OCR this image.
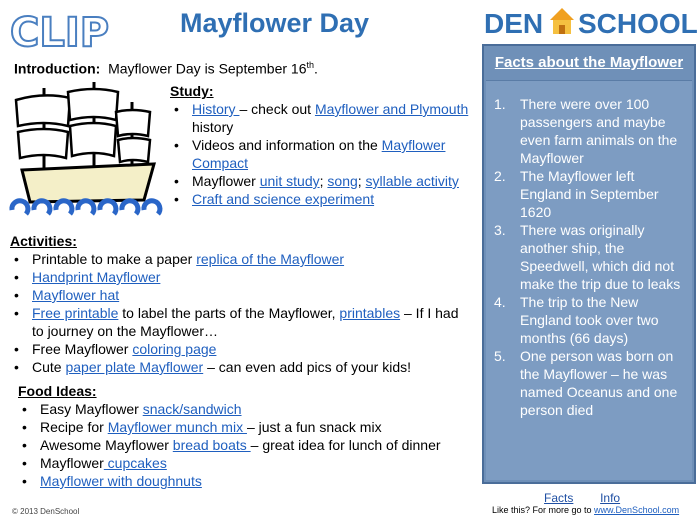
CLIP	Mayflower Day	DEN SCHOOL
Introduction: Mayflower Day is September 16th.
Study:
• History – check out Mayflower and Plymouth history
• Videos and information on the Mayflower Compact
• Mayflower unit study; song; syllable activity
• Craft and science experiment
Activities:
• Printable to make a paper replica of the Mayflower
• Handprint Mayflower
• Mayflower hat
• Free printable to label the parts of the Mayflower, printables – If I had to journey on the Mayflower…
• Free Mayflower coloring page
• Cute paper plate Mayflower – can even add pics of your kids!
Food Ideas:
• Easy Mayflower snack/sandwich
• Recipe for Mayflower munch mix – just a fun snack mix
• Awesome Mayflower bread boats – great idea for lunch of dinner
• Mayflower cupcakes
• Mayflower with doughnuts
Facts about the Mayflower
1. There were over 100 passengers and maybe even farm animals on the Mayflower
2. The Mayflower left England in September 1620
3. There was originally another ship, the Speedwell, which did not make the trip due to leaks
4. The trip to the New England took over two months (66 days)
5. One person was born on the Mayflower – he was named Oceanus and one person died
Source: Facts and Info
© 2013 DenSchool	Like this? For more go to www.DenSchool.com
